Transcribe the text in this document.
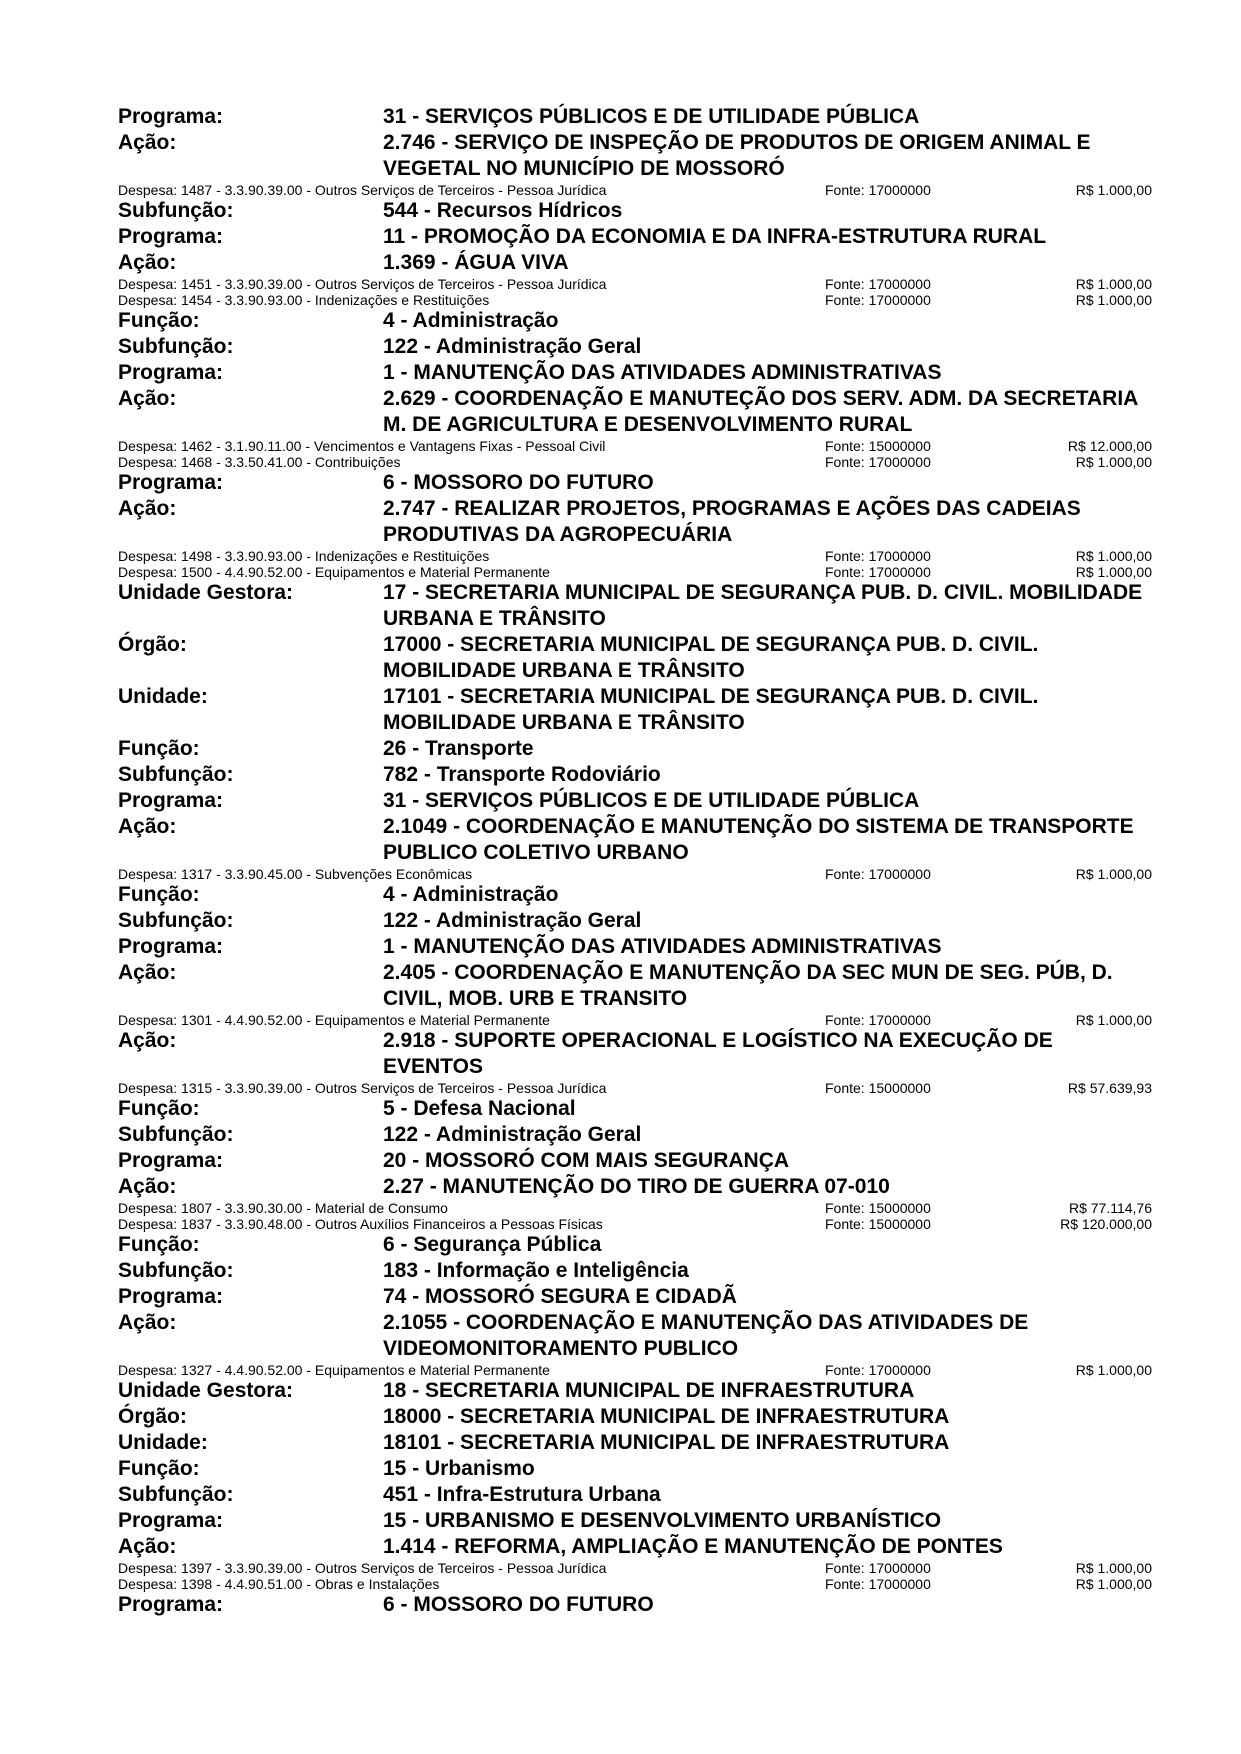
Programa:	31 - SERVIÇOS PÚBLICOS E DE UTILIDADE PÚBLICA
Ação:	2.746 - SERVIÇO DE INSPEÇÃO DE PRODUTOS DE ORIGEM ANIMAL E VEGETAL NO MUNICÍPIO DE MOSSORÓ
Despesa: 1487 - 3.3.90.39.00 - Outros Serviços de Terceiros - Pessoa Jurídica	Fonte: 17000000	R$ 1.000,00
Subfunção:	544 - Recursos Hídricos
Programa:	11 - PROMOÇÃO DA ECONOMIA E DA INFRA-ESTRUTURA RURAL
Ação:	1.369 - ÁGUA VIVA
Despesa: 1451 - 3.3.90.39.00 - Outros Serviços de Terceiros - Pessoa Jurídica	Fonte: 17000000	R$ 1.000,00
Despesa: 1454 - 3.3.90.93.00 - Indenizações e Restituições	Fonte: 17000000	R$ 1.000,00
Função:	4 - Administração
Subfunção:	122 - Administração Geral
Programa:	1 - MANUTENÇÃO DAS ATIVIDADES ADMINISTRATIVAS
Ação:	2.629 - COORDENAÇÃO E MANUTEÇÃO DOS SERV. ADM. DA SECRETARIA M. DE AGRICULTURA E DESENVOLVIMENTO RURAL
Despesa: 1462 - 3.1.90.11.00 - Vencimentos e Vantagens Fixas - Pessoal Civil	Fonte: 15000000	R$ 12.000,00
Despesa: 1468 - 3.3.50.41.00 - Contribuições	Fonte: 17000000	R$ 1.000,00
Programa:	6 - MOSSORO DO FUTURO
Ação:	2.747 - REALIZAR PROJETOS, PROGRAMAS E AÇÕES DAS CADEIAS PRODUTIVAS DA AGROPECUÁRIA
Despesa: 1498 - 3.3.90.93.00 - Indenizações e Restituições	Fonte: 17000000	R$ 1.000,00
Despesa: 1500 - 4.4.90.52.00 - Equipamentos e Material Permanente	Fonte: 17000000	R$ 1.000,00
Unidade Gestora:	17 - SECRETARIA MUNICIPAL DE SEGURANÇA PUB. D. CIVIL. MOBILIDADE URBANA E TRÂNSITO
Órgão:	17000 - SECRETARIA MUNICIPAL DE SEGURANÇA PUB. D. CIVIL. MOBILIDADE URBANA E TRÂNSITO
Unidade:	17101 - SECRETARIA MUNICIPAL DE SEGURANÇA PUB. D. CIVIL. MOBILIDADE URBANA E TRÂNSITO
Função:	26 - Transporte
Subfunção:	782 - Transporte Rodoviário
Programa:	31 - SERVIÇOS PÚBLICOS E DE UTILIDADE PÚBLICA
Ação:	2.1049 - COORDENAÇÃO E MANUTENÇÃO DO SISTEMA DE TRANSPORTE PUBLICO COLETIVO URBANO
Despesa: 1317 - 3.3.90.45.00 - Subvenções Econômicas	Fonte: 17000000	R$ 1.000,00
Função:	4 - Administração
Subfunção:	122 - Administração Geral
Programa:	1 - MANUTENÇÃO DAS ATIVIDADES ADMINISTRATIVAS
Ação:	2.405 - COORDENAÇÃO E MANUTENÇÃO DA SEC MUN DE SEG. PÚB, D. CIVIL, MOB. URB E TRANSITO
Despesa: 1301 - 4.4.90.52.00 - Equipamentos e Material Permanente	Fonte: 17000000	R$ 1.000,00
Ação:	2.918 - SUPORTE OPERACIONAL E LOGÍSTICO NA EXECUÇÃO DE EVENTOS
Despesa: 1315 - 3.3.90.39.00 - Outros Serviços de Terceiros - Pessoa Jurídica	Fonte: 15000000	R$ 57.639,93
Função:	5 - Defesa Nacional
Subfunção:	122 - Administração Geral
Programa:	20 - MOSSORÓ COM MAIS SEGURANÇA
Ação:	2.27 - MANUTENÇÃO DO TIRO DE GUERRA 07-010
Despesa: 1807 - 3.3.90.30.00 - Material de Consumo	Fonte: 15000000	R$ 77.114,76
Despesa: 1837 - 3.3.90.48.00 - Outros Auxílios Financeiros a Pessoas Físicas	Fonte: 15000000	R$ 120.000,00
Função:	6 - Segurança Pública
Subfunção:	183 - Informação e Inteligência
Programa:	74 - MOSSORÓ SEGURA E CIDADÃ
Ação:	2.1055 - COORDENAÇÃO E MANUTENÇÃO DAS ATIVIDADES DE VIDEOMONITORAMENTO PUBLICO
Despesa: 1327 - 4.4.90.52.00 - Equipamentos e Material Permanente	Fonte: 17000000	R$ 1.000,00
Unidade Gestora:	18 - SECRETARIA MUNICIPAL DE INFRAESTRUTURA
Órgão:	18000 - SECRETARIA MUNICIPAL DE INFRAESTRUTURA
Unidade:	18101 - SECRETARIA MUNICIPAL DE INFRAESTRUTURA
Função:	15 - Urbanismo
Subfunção:	451 - Infra-Estrutura Urbana
Programa:	15 - URBANISMO E DESENVOLVIMENTO URBANÍSTICO
Ação:	1.414 - REFORMA, AMPLIAÇÃO E MANUTENÇÃO DE PONTES
Despesa: 1397 - 3.3.90.39.00 - Outros Serviços de Terceiros - Pessoa Jurídica	Fonte: 17000000	R$ 1.000,00
Despesa: 1398 - 4.4.90.51.00 - Obras e Instalações	Fonte: 17000000	R$ 1.000,00
Programa:	6 - MOSSORO DO FUTURO
